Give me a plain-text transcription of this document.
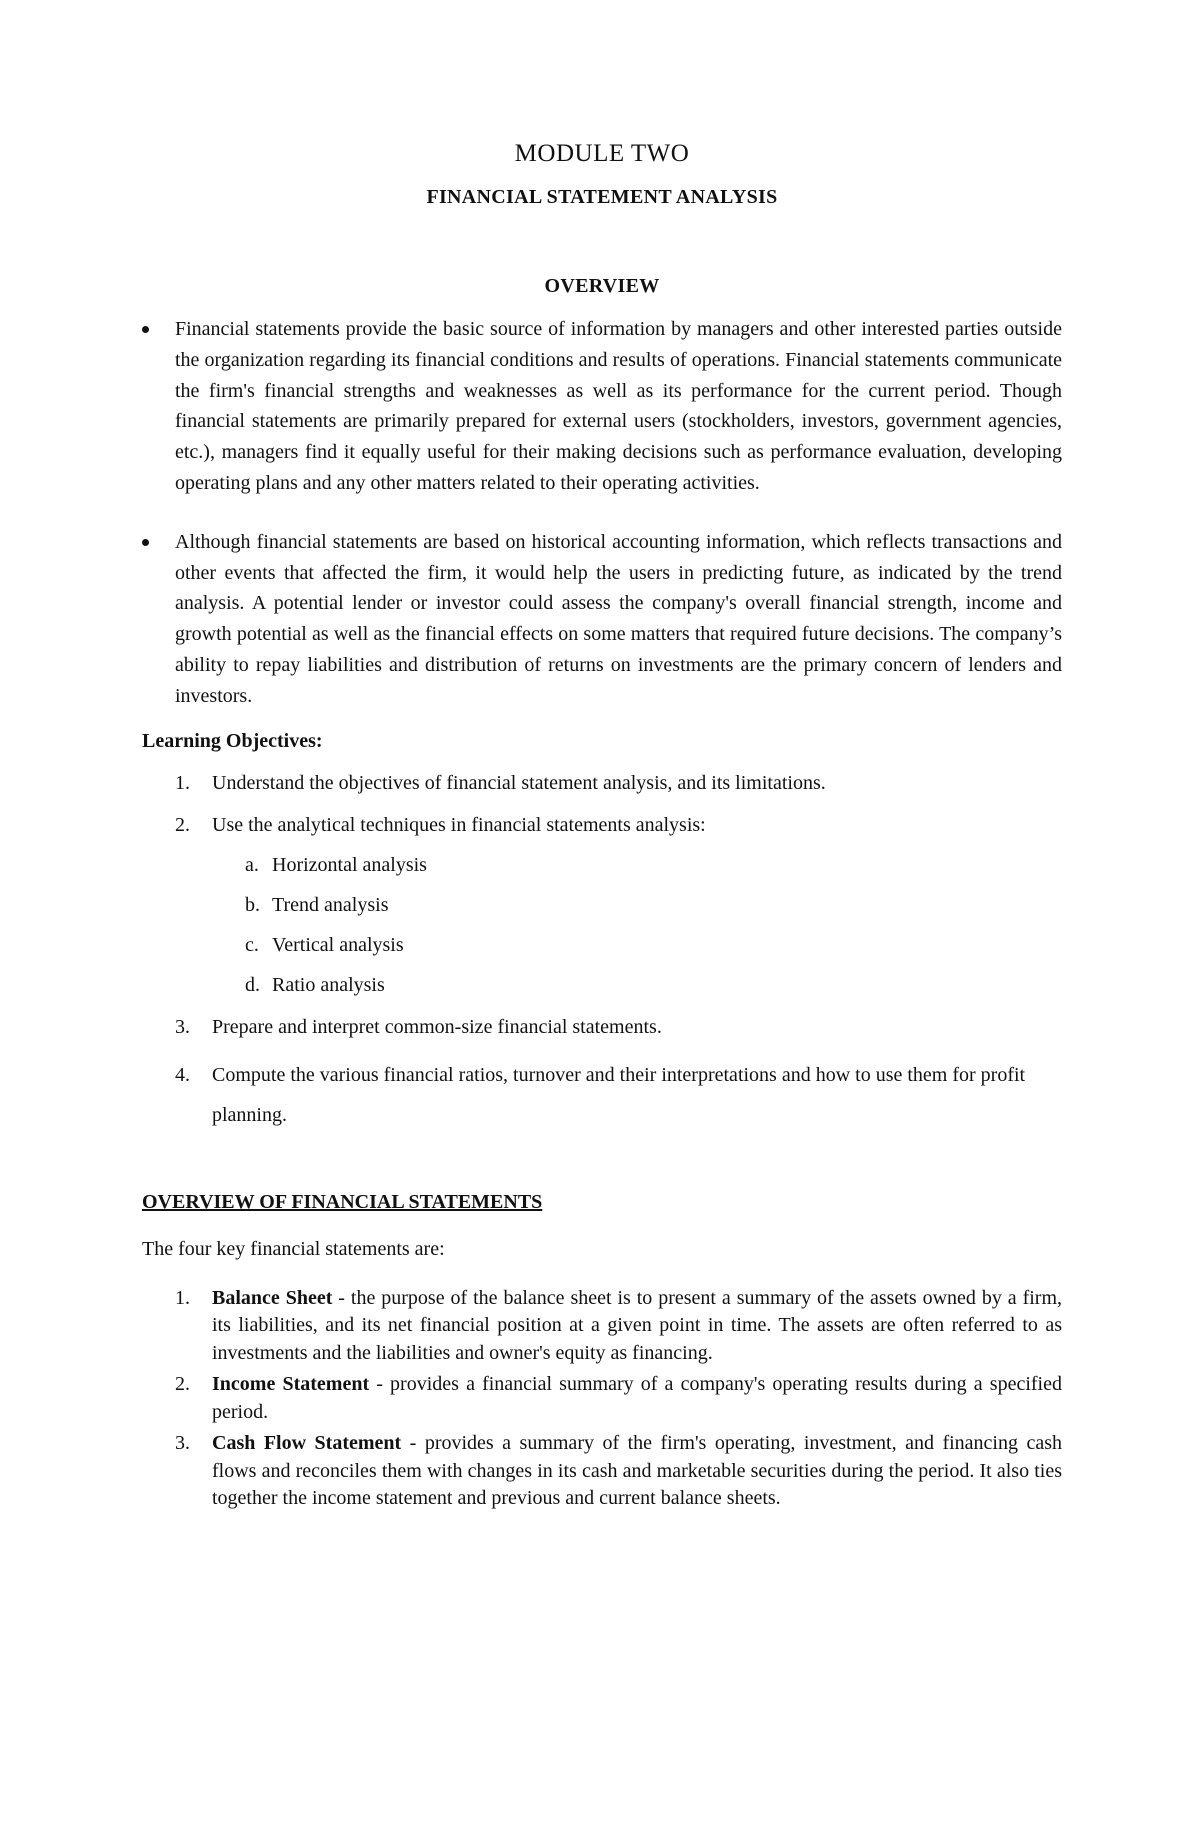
MODULE TWO
FINANCIAL STATEMENT ANALYSIS
OVERVIEW
Financial statements provide the basic source of information by managers and other interested parties outside the organization regarding its financial conditions and results of operations. Financial statements communicate the firm's financial strengths and weaknesses as well as its performance for the current period. Though financial statements are primarily prepared for external users (stockholders, investors, government agencies, etc.), managers find it equally useful for their making decisions such as performance evaluation, developing operating plans and any other matters related to their operating activities.
Although financial statements are based on historical accounting information, which reflects transactions and other events that affected the firm, it would help the users in predicting future, as indicated by the trend analysis. A potential lender or investor could assess the company's overall financial strength, income and growth potential as well as the financial effects on some matters that required future decisions. The company’s ability to repay liabilities and distribution of returns on investments are the primary concern of lenders and investors.

Learning Objectives:

1. Understand the objectives of financial statement analysis, and its limitations.
2. Use the analytical techniques in financial statements analysis:
a. Horizontal analysis
b. Trend analysis
c. Vertical analysis
d. Ratio analysis
3. Prepare and interpret common-size financial statements.
4. Compute the various financial ratios, turnover and their interpretations and how to use them for profit planning.

OVERVIEW OF FINANCIAL STATEMENTS

The four key financial statements are:

1. Balance Sheet - the purpose of the balance sheet is to present a summary of the assets owned by a firm, its liabilities, and its net financial position at a given point in time. The assets are often referred to as investments and the liabilities and owner's equity as financing.
2. Income Statement - provides a financial summary of a company's operating results during a specified period.
3. Cash Flow Statement - provides a summary of the firm's operating, investment, and financing cash flows and reconciles them with changes in its cash and marketable securities during the period. It also ties together the income statement and previous and current balance sheets.
